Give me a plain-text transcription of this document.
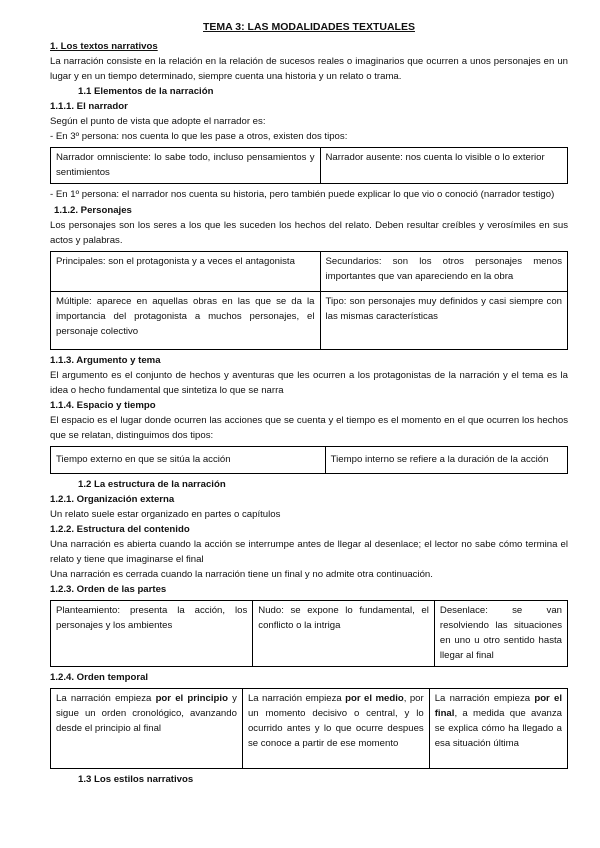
TEMA 3: LAS MODALIDADES TEXTUALES

1. Los textos narrativos

La narración consiste en la relación en la relación de sucesos reales o imaginarios que ocurren a unos personajes en un lugar y en un tiempo determinado, siempre cuenta una historia y un relato o trama.

1.1 Elementos de la narración

1.1.1. El narrador

Según el punto de vista que adopte el narrador es:

- En 3º persona: nos cuenta lo que les pase a otros, existen dos tipos:

Narrador omnisciente: lo sabe todo, incluso pensamientos y sentimientos	Narrador ausente: nos cuenta lo visible o lo exterior

- En 1º persona: el narrador nos cuenta su historia, pero también puede explicar lo que vio o conoció (narrador testigo)

1.1.2. Personajes

Los personajes son los seres a los que les suceden los hechos del relato. Deben resultar creíbles y verosímiles en sus actos y palabras.

Principales: son el protagonista y a veces el antagonista	Secundarios: son los otros personajes menos importantes que van apareciendo en la obra
Múltiple: aparece en aquellas obras en las que se da la importancia del protagonista a muchos personajes, el personaje colectivo	Tipo: son personajes muy definidos y casi siempre con las mismas características

1.1.3. Argumento y tema

El argumento es el conjunto de hechos y aventuras que les ocurren a los protagonistas de la narración y el tema es la idea o hecho fundamental que sintetiza lo que se narra

1.1.4. Espacio y tiempo

El espacio es el lugar donde ocurren las acciones que se cuenta y el tiempo es el momento en el que ocurren los hechos que se relatan, distinguimos dos tipos:

Tiempo externo en que se sitúa la acción	Tiempo interno se refiere a la duración de la acción

1.2 La estructura de la narración

1.2.1. Organización externa

Un relato suele estar organizado en partes o capítulos

1.2.2. Estructura del contenido

Una narración es abierta cuando la acción se interrumpe antes de llegar al desenlace; el lector no sabe cómo termina el relato y tiene que imaginarse el final

Una narración es cerrada cuando la narración tiene un final y no admite otra continuación.

1.2.3. Orden de las partes

Planteamiento: presenta la acción, los personajes y los ambientes	Nudo: se expone lo fundamental, el conflicto o la intriga	Desenlace: se van resolviendo las situaciones en uno u otro sentido hasta llegar al final

1.2.4. Orden temporal

La narración empieza por el principio y sigue un orden cronológico, avanzando desde el principio al final	La narración empieza por el medio, por un momento decisivo o central, y lo ocurrido antes y lo que ocurre despues se conoce a partir de ese momento	La narración empieza por el final, a medida que avanza se explica cómo ha llegado a esa situación última

1.3 Los estilos narrativos
